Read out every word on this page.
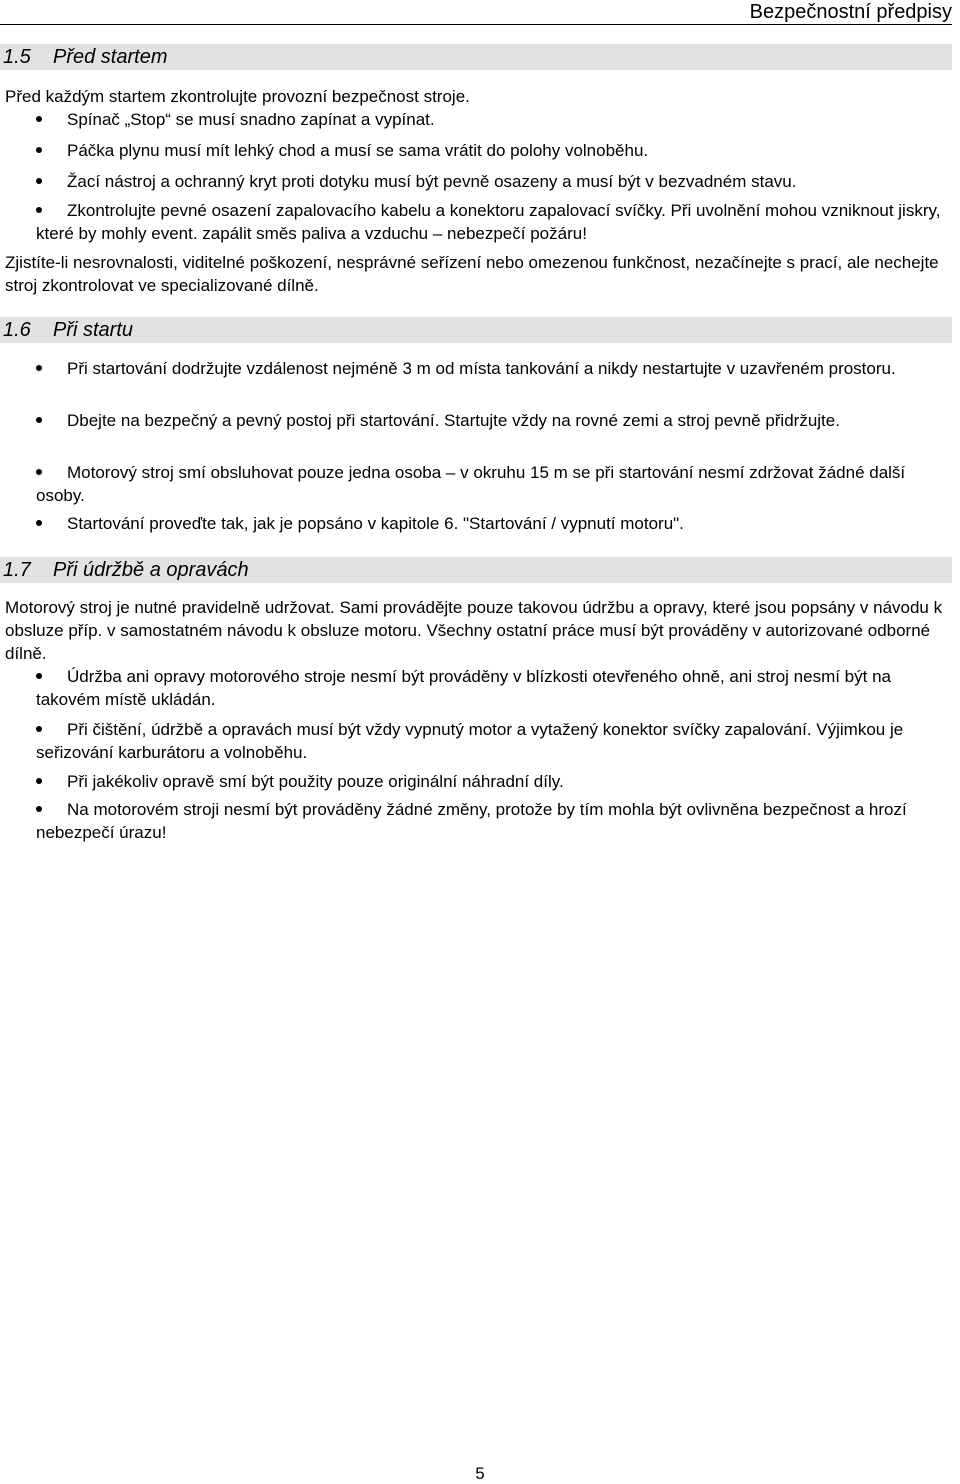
Bezpečnostní předpisy
1.5 Před startem
Před každým startem zkontrolujte provozní bezpečnost stroje.
Spínač „Stop“ se musí snadno zapínat a vypínat.
Páčka plynu musí mít lehký chod a musí se sama vrátit do polohy volnoběhu.
Žací nástroj a ochranný kryt proti dotyku musí být pevně osazeny a musí být v bezvadném stavu.
Zkontrolujte pevné osazení zapalovacího kabelu a konektoru zapalovací svíčky. Při uvolnění mohou vzniknout jiskry, které by mohly event. zapálit směs paliva a vzduchu – nebezpečí požáru!
Zjistíte-li nesrovnalosti, viditelné poškození, nesprávné seřízení nebo omezenou funkčnost, nezačínejte s prací, ale nechejte stroj zkontrolovat ve specializované dílně.
1.6 Při startu
Při startování dodržujte vzdálenost nejméně 3 m od místa tankování a nikdy nestartujte v uzavřeném prostoru.
Dbejte na bezpečný a pevný postoj při startování. Startujte vždy na rovné zemi a stroj pevně přidržujte.
Motorový stroj smí obsluhovat pouze jedna osoba – v okruhu 15 m se při startování nesmí zdržovat žádné další osoby.
Startování proveďte tak, jak je popsáno v kapitole 6. "Startování / vypnutí motoru".
1.7 Při údržbě a opravách
Motorový stroj je nutné pravidelně udržovat. Sami provádějte pouze takovou údržbu a opravy, které jsou popsány v návodu k obsluze příp. v samostatném návodu k obsluze motoru. Všechny ostatní práce musí být prováděny v autorizované odborné dílně.
Údržba ani opravy motorového stroje nesmí být prováděny v blízkosti otevřeného ohně, ani stroj nesmí být na takovém místě ukládán.
Při čištění, údržbě a opravách musí být vždy vypnutý motor a vytažený konektor svíčky zapalování. Výjimkou je seřizování karburátoru a volnoběhu.
Při jakékoliv opravě smí být použity pouze originální náhradní díly.
Na motorovém stroji nesmí být prováděny žádné změny, protože by tím mohla být ovlivněna bezpečnost a hrozí nebezpečí úrazu!
5
